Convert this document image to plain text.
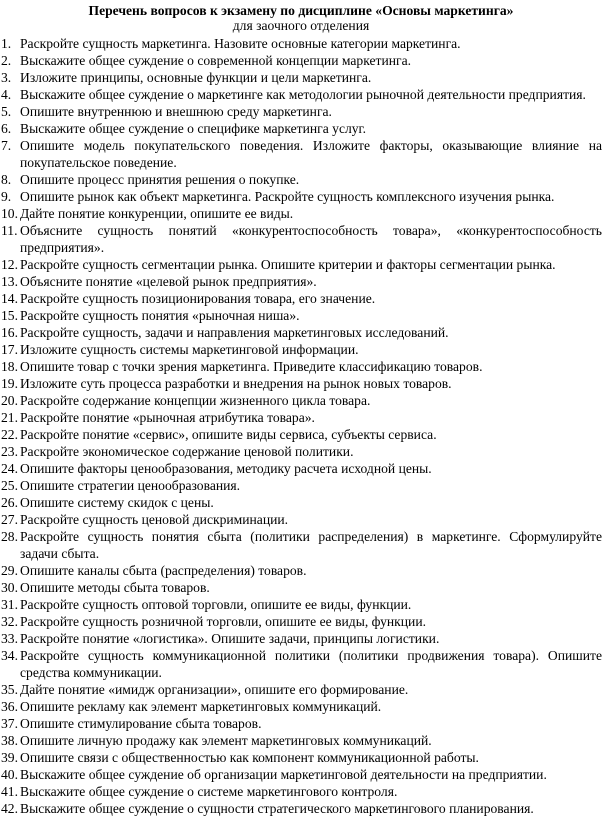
Перечень вопросов к экзамену по дисциплине «Основы маркетинга»
для заочного отделения
1. Раскройте сущность маркетинга. Назовите основные категории маркетинга.
2. Выскажите общее суждение о современной концепции маркетинга.
3. Изложите принципы, основные функции и цели маркетинга.
4. Выскажите общее суждение о маркетинге как методологии рыночной деятельности предприятия.
5. Опишите внутреннюю и внешнюю среду маркетинга.
6. Выскажите общее суждение о специфике маркетинга услуг.
7. Опишите модель покупательского поведения. Изложите факторы, оказывающие влияние на покупательское поведение.
8. Опишите процесс принятия решения о покупке.
9. Опишите рынок как объект маркетинга. Раскройте сущность комплексного изучения рынка.
10. Дайте понятие конкуренции, опишите ее виды.
11. Объясните сущность понятий «конкурентоспособность товара», «конкурентоспособность предприятия».
12. Раскройте сущность сегментации рынка. Опишите критерии и факторы сегментации рынка.
13. Объясните понятие «целевой рынок предприятия».
14. Раскройте сущность позиционирования товара, его значение.
15. Раскройте сущность понятия «рыночная ниша».
16. Раскройте сущность, задачи и направления маркетинговых исследований.
17. Изложите сущность системы маркетинговой информации.
18. Опишите товар с точки зрения маркетинга. Приведите классификацию товаров.
19. Изложите суть процесса разработки и внедрения на рынок новых товаров.
20. Раскройте содержание концепции жизненного цикла товара.
21. Раскройте понятие «рыночная атрибутика товара».
22. Раскройте понятие «сервис», опишите виды сервиса, субъекты сервиса.
23. Раскройте экономическое содержание ценовой политики.
24. Опишите факторы ценообразования, методику расчета исходной цены.
25. Опишите стратегии ценообразования.
26. Опишите систему скидок с цены.
27. Раскройте сущность ценовой дискриминации.
28. Раскройте сущность понятия сбыта (политики распределения) в маркетинге. Сформулируйте задачи сбыта.
29. Опишите каналы сбыта (распределения) товаров.
30. Опишите методы сбыта товаров.
31. Раскройте сущность оптовой торговли, опишите ее виды, функции.
32. Раскройте сущность розничной торговли, опишите ее виды, функции.
33. Раскройте понятие «логистика». Опишите задачи, принципы логистики.
34. Раскройте сущность коммуникационной политики (политики продвижения товара). Опишите средства коммуникации.
35. Дайте понятие «имидж организации», опишите его формирование.
36. Опишите рекламу как элемент маркетинговых коммуникаций.
37. Опишите стимулирование сбыта товаров.
38. Опишите личную продажу как элемент маркетинговых коммуникаций.
39. Опишите связи с общественностью как компонент коммуникационной работы.
40. Выскажите общее суждение об организации маркетинговой деятельности на предприятии.
41. Выскажите общее суждение о системе маркетингового контроля.
42. Выскажите общее суждение о сущности стратегического маркетингового планирования.
